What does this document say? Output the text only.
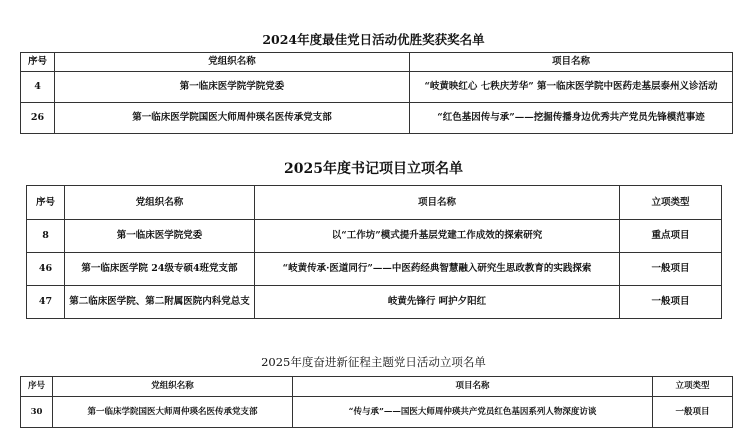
2024年度最佳党日活动优胜奖获奖名单
序号	党组织名称	项目名称
4	第一临床医学院学院党委	“岐黄映红心 七秩庆芳华” 第一临床医学院中医药走基层泰州义诊活动
26	第一临床医学院国医大师周仲瑛名医传承党支部	“红色基因传与承”——挖掘传播身边优秀共产党员先锋模范事迹
2025年度书记项目立项名单
序号	党组织名称	项目名称	立项类型
8	第一临床医学院党委	以“工作坊”模式提升基层党建工作成效的探索研究	重点项目
46	第一临床医学院 24级专硕4班党支部	“岐黄传承·医道同行”——中医药经典智慧融入研究生思政教育的实践探索	一般项目
47	第二临床医学院、第二附属医院内科党总支	岐黄先锋行 呵护夕阳红	一般项目
2025年度奋进新征程主题党日活动立项名单
序号	党组织名称	项目名称	立项类型
30	第一临床学院国医大师周仲瑛名医传承党支部	“传与承”——国医大师周仲瑛共产党员红色基因系列人物深度访谈	一般项目
